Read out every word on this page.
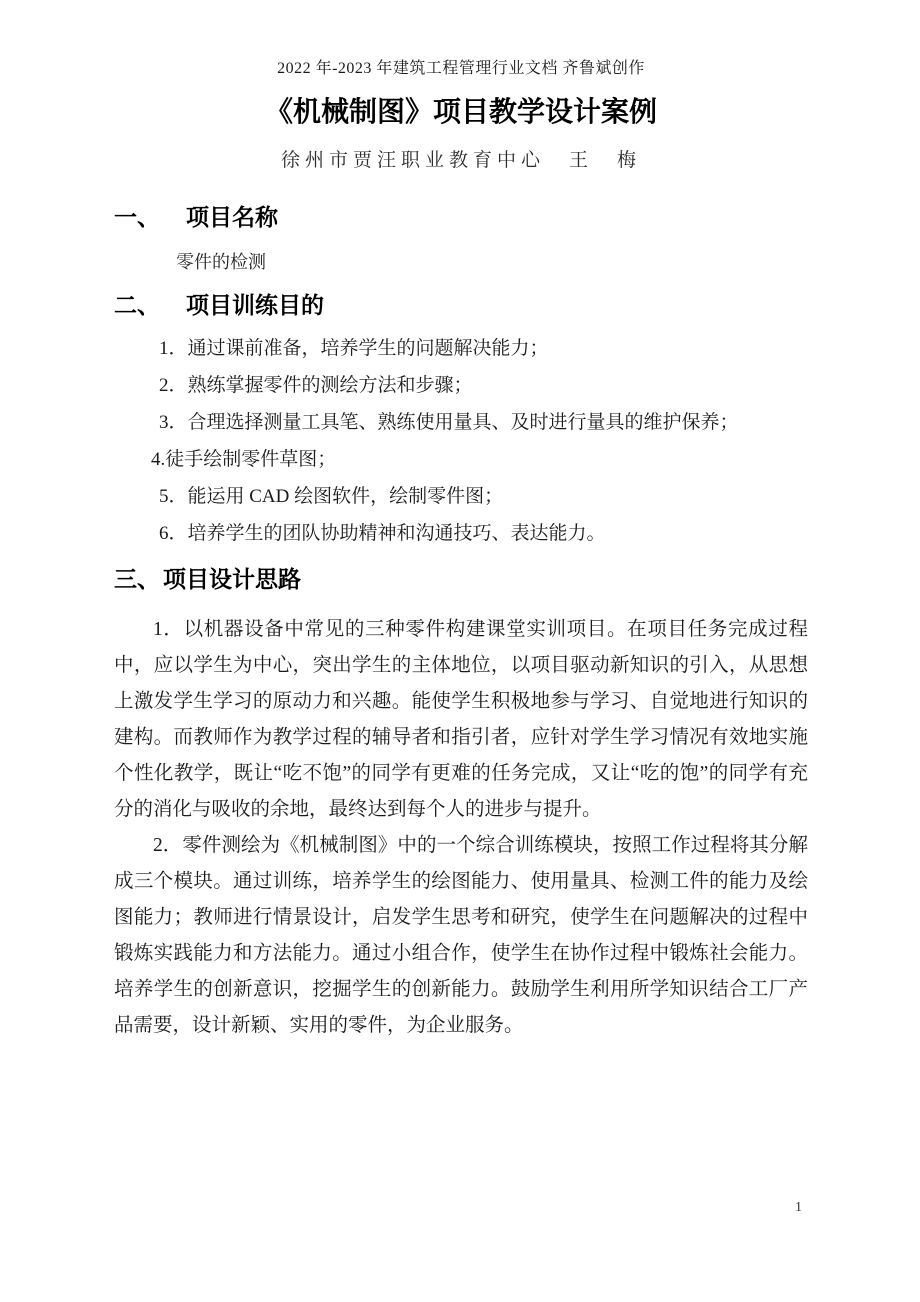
2022 年-2023 年建筑工程管理行业文档 齐鲁斌创作
《机械制图》项目教学设计案例
徐州市贾汪职业教育中心　王　梅
一、 项目名称
零件的检测
二、 项目训练目的
1．通过课前准备，培养学生的问题解决能力；
2．熟练掌握零件的测绘方法和步骤；
3．合理选择测量工具笔、熟练使用量具、及时进行量具的维护保养；
4.徒手绘制零件草图；
5．能运用 CAD 绘图软件，绘制零件图；
6．培养学生的团队协助精神和沟通技巧、表达能力。
三、 项目设计思路

1．以机器设备中常见的三种零件构建课堂实训项目。在项目任务完成过程中，应以学生为中心，突出学生的主体地位，以项目驱动新知识的引入，从思想上激发学生学习的原动力和兴趣。能使学生积极地参与学习、自觉地进行知识的建构。而教师作为教学过程的辅导者和指引者，应针对学生学习情况有效地实施个性化教学，既让“吃不饱”的同学有更难的任务完成，又让“吃的饱”的同学有充分的消化与吸收的余地，最终达到每个人的进步与提升。

2．零件测绘为《机械制图》中的一个综合训练模块，按照工作过程将其分解成三个模块。通过训练，培养学生的绘图能力、使用量具、检测工件的能力及绘图能力；教师进行情景设计，启发学生思考和研究，使学生在问题解决的过程中锻炼实践能力和方法能力。通过小组合作，使学生在协作过程中锻炼社会能力。培养学生的创新意识，挖掘学生的创新能力。鼓励学生利用所学知识结合工厂产品需要，设计新颖、实用的零件，为企业服务。

1
